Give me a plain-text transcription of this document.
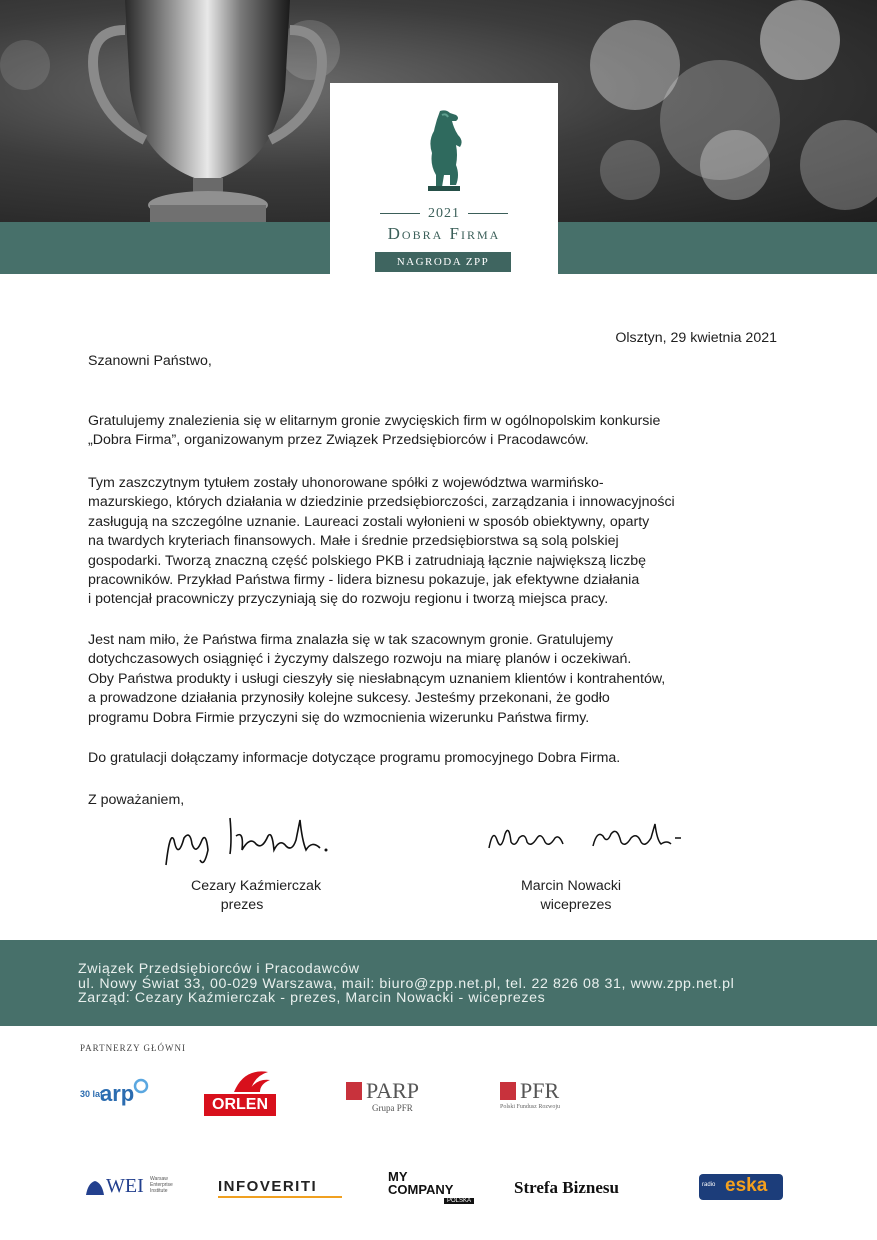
2021
Dobra Firma
NAGRODA ZPP
Olsztyn, 29 kwietnia 2021
Szanowni Państwo,

Gratulujemy znalezienia się w elitarnym gronie zwycięskich firm w ogólnopolskim konkursie
„Dobra Firma”, organizowanym przez Związek Przedsiębiorców i Pracodawców.

Tym zaszczytnym tytułem zostały uhonorowane spółki z województwa warmińsko-
mazurskiego, których działania w dziedzinie przedsiębiorczości, zarządzania i innowacyjności
zasługują na szczególne uznanie. Laureaci zostali wyłonieni w sposób obiektywny, oparty
na twardych kryteriach finansowych. Małe i średnie przedsiębiorstwa są solą polskiej
gospodarki. Tworzą znaczną część polskiego PKB i zatrudniają łącznie największą liczbę
pracowników. Przykład Państwa firmy - lidera biznesu pokazuje, jak efektywne działania
i potencjał pracowniczy przyczyniają się do rozwoju regionu i tworzą miejsca pracy.

Jest nam miło, że Państwa firma znalazła się w tak szacownym gronie. Gratulujemy
dotychczasowych osiągnięć i życzymy dalszego rozwoju na miarę planów i oczekiwań.
Oby Państwa produkty i usługi cieszyły się niesłabnącym uznaniem klientów i kontrahentów,
a prowadzone działania przynosiły kolejne sukcesy. Jesteśmy przekonani, że godło
programu Dobra Firmie przyczyni się do wzmocnienia wizerunku Państwa firmy.

Do gratulacji dołączamy informacje dotyczące programu promocyjnego Dobra Firma.

Z poważaniem,
Cezary Kaźmierczak
prezes
Marcin Nowacki
wiceprezes
Związek Przedsiębiorców i Pracodawców
ul. Nowy Świat 33, 00-029 Warszawa, mail: biuro@zpp.net.pl, tel. 22 826 08 31, www.zpp.net.pl
Zarząd: Cezary Kaźmierczak - prezes, Marcin Nowacki - wiceprezes
PARTNERZY GŁÓWNI
30 lat
arp	ORLEN
PARP
Grupa PFR
PFR
Polski Fundusz Rozwoju
WEI Warsaw Enterprise Institute	INFOVERITI
MY COMPANY
POLSKA
Strefa Biznesu	radio eska
